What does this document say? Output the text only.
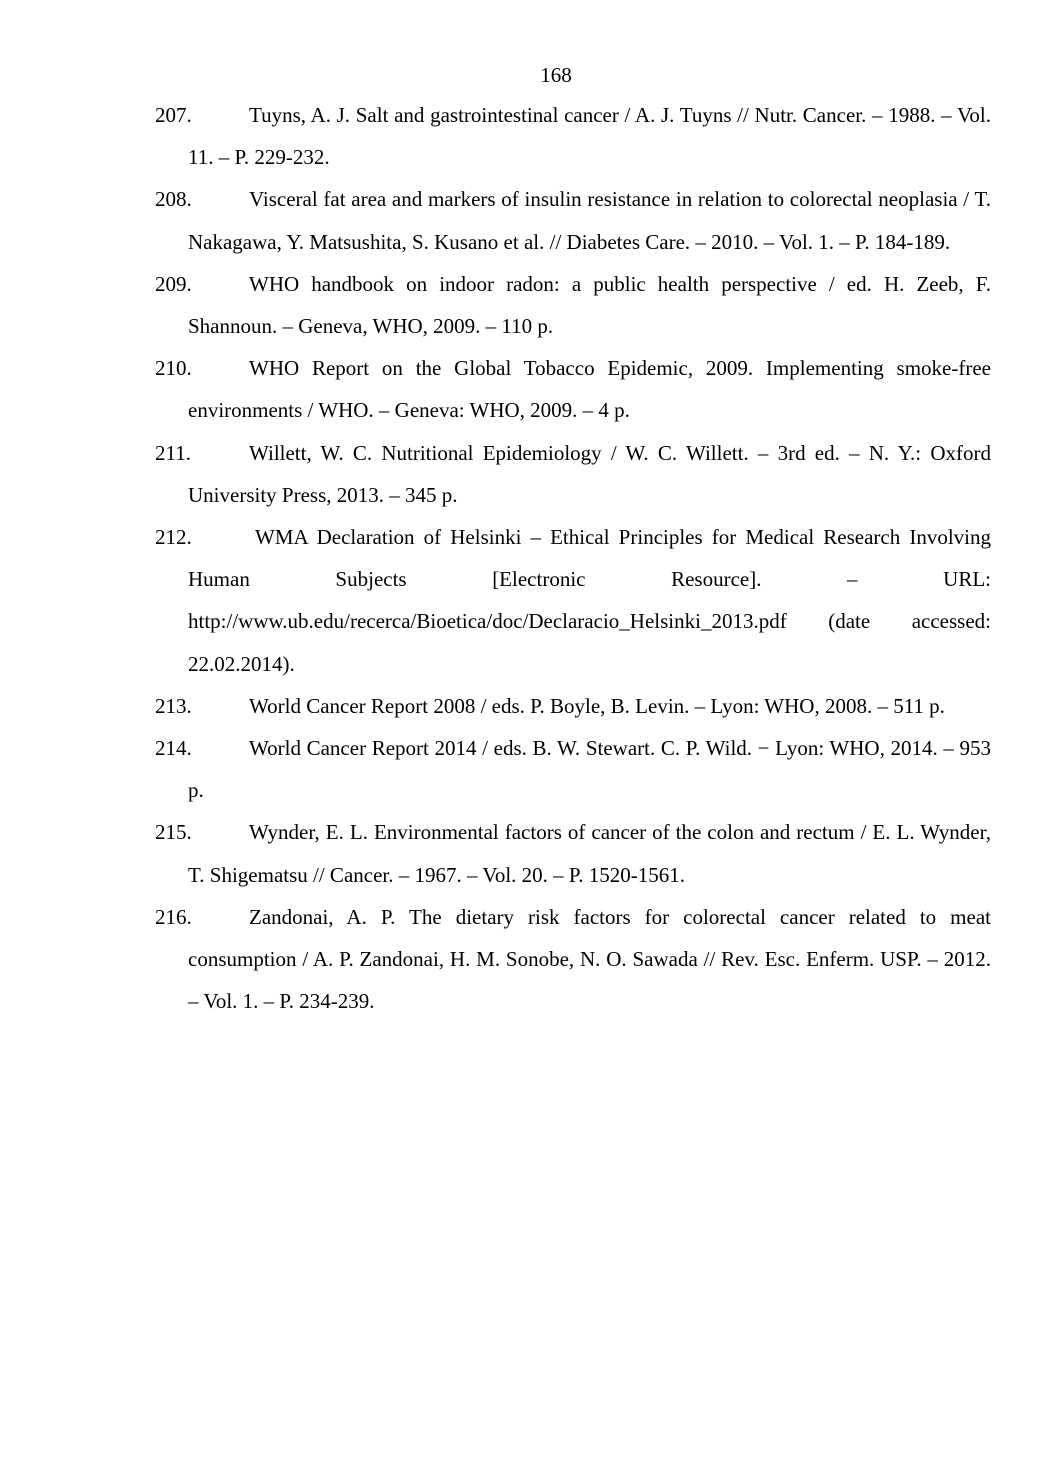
168
207.	Tuyns, A. J. Salt and gastrointestinal cancer / A. J. Tuyns // Nutr. Cancer. – 1988. – Vol. 11. – P. 229-232.
208.	Visceral fat area and markers of insulin resistance in relation to colorectal neoplasia / T. Nakagawa, Y. Matsushita, S. Kusano et al. // Diabetes Care. – 2010. – Vol. 1. – P. 184-189.
209.	WHO handbook on indoor radon: a public health perspective / ed. H. Zeeb, F. Shannoun. – Geneva, WHO, 2009. – 110 p.
210.	WHO Report on the Global Tobacco Epidemic, 2009. Implementing smoke-free environments / WHO. – Geneva: WHO, 2009. – 4 p.
211.	Willett, W. C. Nutritional Epidemiology / W. C. Willett. – 3rd ed. – N. Y.: Oxford University Press, 2013. – 345 p.
212.	WMA Declaration of Helsinki – Ethical Principles for Medical Research Involving Human Subjects [Electronic Resource]. – URL: http://www.ub.edu/recerca/Bioetica/doc/Declaracio_Helsinki_2013.pdf (date accessed: 22.02.2014).
213.	World Cancer Report 2008 / eds. P. Boyle, B. Levin. – Lyon: WHO, 2008. – 511 p.
214.	World Cancer Report 2014 / eds. B. W. Stewart. C. P. Wild. − Lyon: WHO, 2014. – 953 p.
215.	Wynder, E. L. Environmental factors of cancer of the colon and rectum / E. L. Wynder, T. Shigematsu // Cancer. – 1967. – Vol. 20. – P. 1520-1561.
216.	Zandonai, A. P. The dietary risk factors for colorectal cancer related to meat consumption / A. P. Zandonai, H. M. Sonobe, N. O. Sawada // Rev. Esc. Enferm. USP. – 2012. – Vol. 1. – P. 234-239.
